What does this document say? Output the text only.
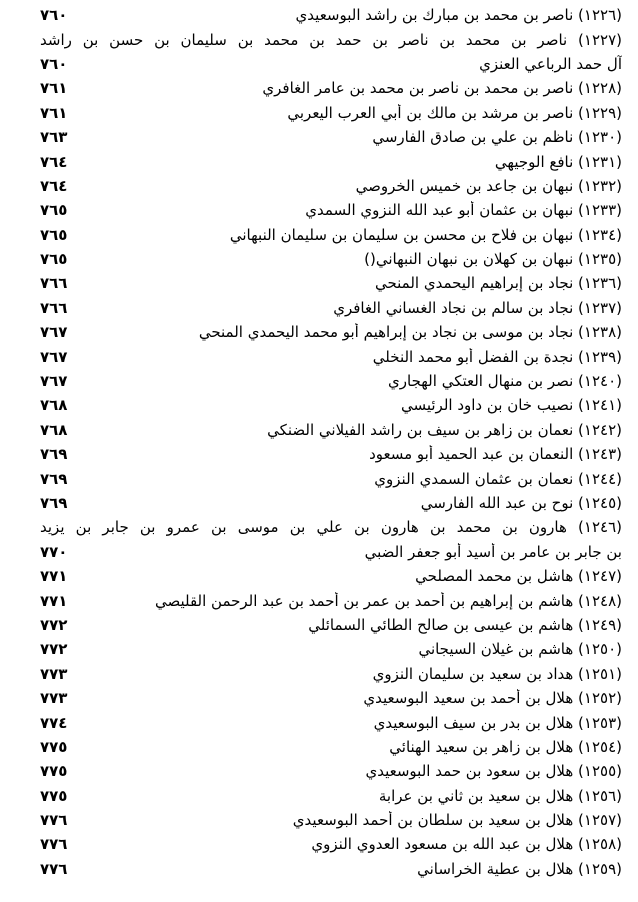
٧٦٠	(١٢٢٦) ناصر بن محمد بن مبارك بن راشد البوسعيدي
(١٢٢٧) ناصر بن محمد بن ناصر بن حمد بن محمد بن سليمان بن حسن بن راشد
٧٦٠	آل حمد الرباعي العنزي
٧٦١	(١٢٢٨) ناصر بن محمد بن ناصر بن محمد بن عامر الغافري
٧٦١	(١٢٢٩) ناصر بن مرشد بن مالك بن أبي العرب اليعربي
٧٦٣	(١٢٣٠) ناظم بن علي بن صادق الفارسي
٧٦٤	(١٢٣١) نافع الوجيهي
٧٦٤	(١٢٣٢) نبهان بن جاعد بن خميس الخروصي
٧٦٥	(١٢٣٣) نبهان بن عثمان أبو عبد الله النزوي السمدي
٧٦٥	(١٢٣٤) نبهان بن فلاح بن محسن بن سليمان بن سليمان النبهاني
٧٦٥	(١٢٣٥) نبهان بن كهلان بن نبهان النبهاني()
٧٦٦	(١٢٣٦) نجاد بن إبراهيم اليحمدي المنحي
٧٦٦	(١٢٣٧) نجاد بن سالم بن نجاد الغساني الغافري
٧٦٧	(١٢٣٨) نجاد بن موسى بن نجاد بن إبراهيم أبو محمد اليحمدي المنحي
٧٦٧	(١٢٣٩) نجدة بن الفضل أبو محمد النخلي
٧٦٧	(١٢٤٠) نصر بن منهال العتكي الهجاري
٧٦٨	(١٢٤١) نصيب خان بن داود الرئيسي
٧٦٨	(١٢٤٢) نعمان بن زاهر بن سيف بن راشد الفيلاني الضنكي
٧٦٩	(١٢٤٣) النعمان بن عبد الحميد أبو مسعود
٧٦٩	(١٢٤٤) نعمان بن عثمان السمدي النزوي
٧٦٩	(١٢٤٥) نوح بن عبد الله الفارسي
(١٢٤٦) هارون بن محمد بن هارون بن علي بن موسى بن عمرو بن جابر بن يزيد
٧٧٠	بن جابر بن عامر بن أسيد أبو جعفر الضبي
٧٧١	(١٢٤٧) هاشل بن محمد المصلحي
٧٧١	(١٢٤٨) هاشم بن إبراهيم بن أحمد بن عمر بن أحمد بن عبد الرحمن القليصي
٧٧٢	(١٢٤٩) هاشم بن عيسى بن صالح الطائي السمائلي
٧٧٢	(١٢٥٠) هاشم بن غيلان السيجاني
٧٧٣	(١٢٥١) هداد بن سعيد بن سليمان النزوي
٧٧٣	(١٢٥٢) هلال بن أحمد بن سعيد البوسعيدي
٧٧٤	(١٢٥٣) هلال بن بدر بن سيف البوسعيدي
٧٧٥	(١٢٥٤) هلال بن زاهر بن سعيد الهنائي
٧٧٥	(١٢٥٥) هلال بن سعود بن حمد البوسعيدي
٧٧٥	(١٢٥٦) هلال بن سعيد بن ثاني بن عرابة
٧٧٦	(١٢٥٧) هلال بن سعيد بن سلطان بن أحمد البوسعيدي
٧٧٦	(١٢٥٨) هلال بن عبد الله بن مسعود العدوي النزوي
٧٧٦	(١٢٥٩) هلال بن عطية الخراساني
